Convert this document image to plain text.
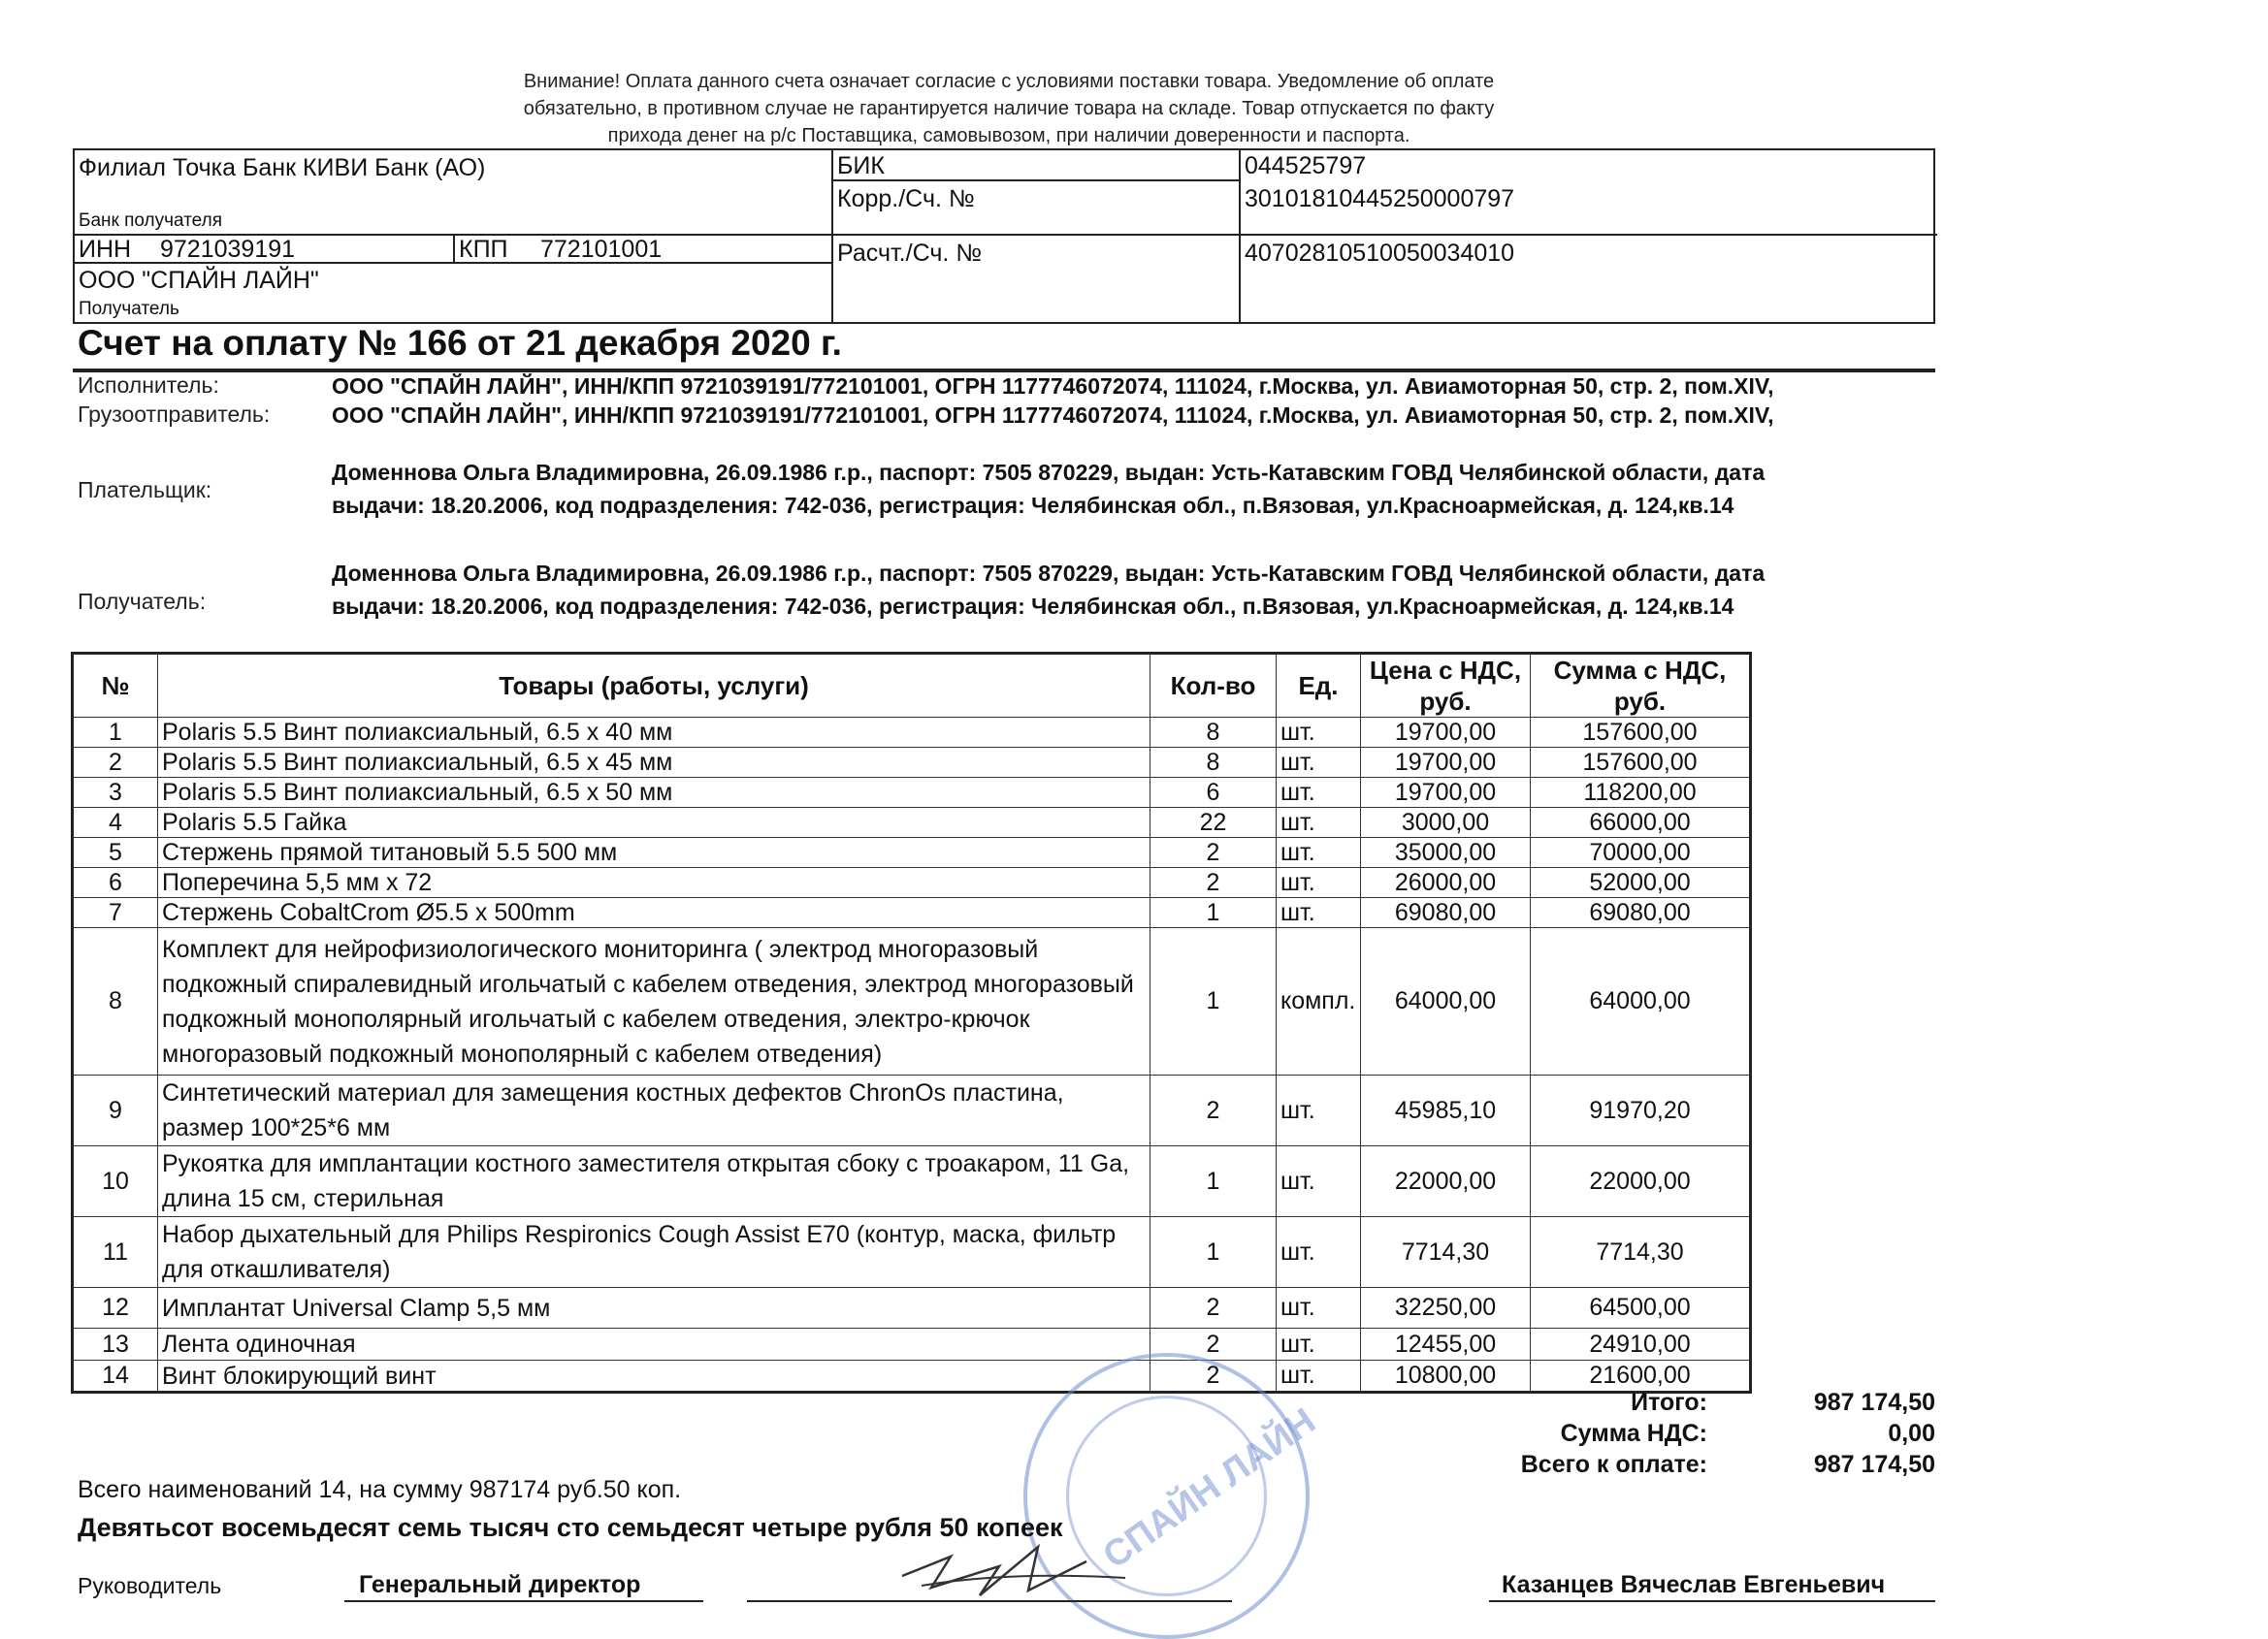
Внимание! Оплата данного счета означает согласие с условиями поставки товара. Уведомление об оплате
обязательно, в противном случае не гарантируется наличие товара на складе. Товар отпускается по факту
прихода денег на р/с Поставщика, самовывозом, при наличии доверенности и паспорта.
Филиал Точка Банк КИВИ Банк (АО)
Банк получателя
БИК	044525797
Корр./Сч. №	30101810445250000797
ИНН 9721039191	КПП 772101001	Расчт./Сч. №	40702810510050034010
ООО "СПАЙН ЛАЙН"
Получатель
Счет на оплату № 166 от 21 декабря 2020 г.
Исполнитель:	ООО "СПАЙН ЛАЙН", ИНН/КПП 9721039191/772101001, ОГРН 1177746072074, 111024, г.Москва, ул. Авиамоторная 50, стр. 2, пом.XIV,
Грузоотправитель:	ООО "СПАЙН ЛАЙН", ИНН/КПП 9721039191/772101001, ОГРН 1177746072074, 111024, г.Москва, ул. Авиамоторная 50, стр. 2, пом.XIV,
Плательщик:
Доменнова Ольга Владимировна, 26.09.1986 г.р., паспорт: 7505 870229, выдан: Усть-Катавским ГОВД Челябинской области, дата
выдачи: 18.20.2006, код подразделения: 742-036, регистрация: Челябинская обл., п.Вязовая, ул.Красноармейская, д. 124,кв.14
Получатель:
Доменнова Ольга Владимировна, 26.09.1986 г.р., паспорт: 7505 870229, выдан: Усть-Катавским ГОВД Челябинской области, дата
выдачи: 18.20.2006, код подразделения: 742-036, регистрация: Челябинская обл., п.Вязовая, ул.Красноармейская, д. 124,кв.14
№	Товары (работы, услуги)	Кол-во	Ед.	Цена с НДС, руб.	Сумма с НДС, руб.
1	Polaris 5.5 Винт полиаксиальный, 6.5 х 40 мм	8	шт.	19700,00	157600,00
2	Polaris 5.5 Винт полиаксиальный, 6.5 х 45 мм	8	шт.	19700,00	157600,00
3	Polaris 5.5 Винт полиаксиальный, 6.5 х 50 мм	6	шт.	19700,00	118200,00
4	Polaris 5.5 Гайка	22	шт.	3000,00	66000,00
5	Стержень прямой титановый 5.5 500 мм	2	шт.	35000,00	70000,00
6	Поперечина 5,5 мм х 72	2	шт.	26000,00	52000,00
7	Стержень CobaltCrom Ø5.5 x 500mm	1	шт.	69080,00	69080,00
8	Комплект для нейрофизиологического мониторинга ( электрод многоразовый подкожный спиралевидный игольчатый с кабелем отведения, электрод многоразовый подкожный монополярный игольчатый с кабелем отведения, электро-крючок многоразовый подкожный монополярный с кабелем отведения)	1	компл.	64000,00	64000,00
9	Синтетический материал для замещения костных дефектов ChronOs пластина, размер 100*25*6 мм	2	шт.	45985,10	91970,20
10	Рукоятка для имплантации костного заместителя открытая сбоку с троакаром, 11 Ga, длина 15 см, стерильная	1	шт.	22000,00	22000,00
11	Набор дыхательный для Philips Respironics Cough Assist E70 (контур, маска, фильтр для откашливателя)	1	шт.	7714,30	7714,30
12	Имплантат Universal Clamp 5,5 мм	2	шт.	32250,00	64500,00
13	Лента одиночная	2	шт.	12455,00	24910,00
14	Винт блокирующий винт	2	шт.	10800,00	21600,00
Итого:	987 174,50
Сумма НДС:	0,00
Всего к оплате:	987 174,50
СПАЙН ЛАЙН
Всего наименований 14, на сумму 987174 руб.50 коп.
Девятьсот восемьдесят семь тысяч сто семьдесят четыре рубля 50 копеек
Руководитель	Генеральный директор	Казанцев Вячеслав Евгеньевич
